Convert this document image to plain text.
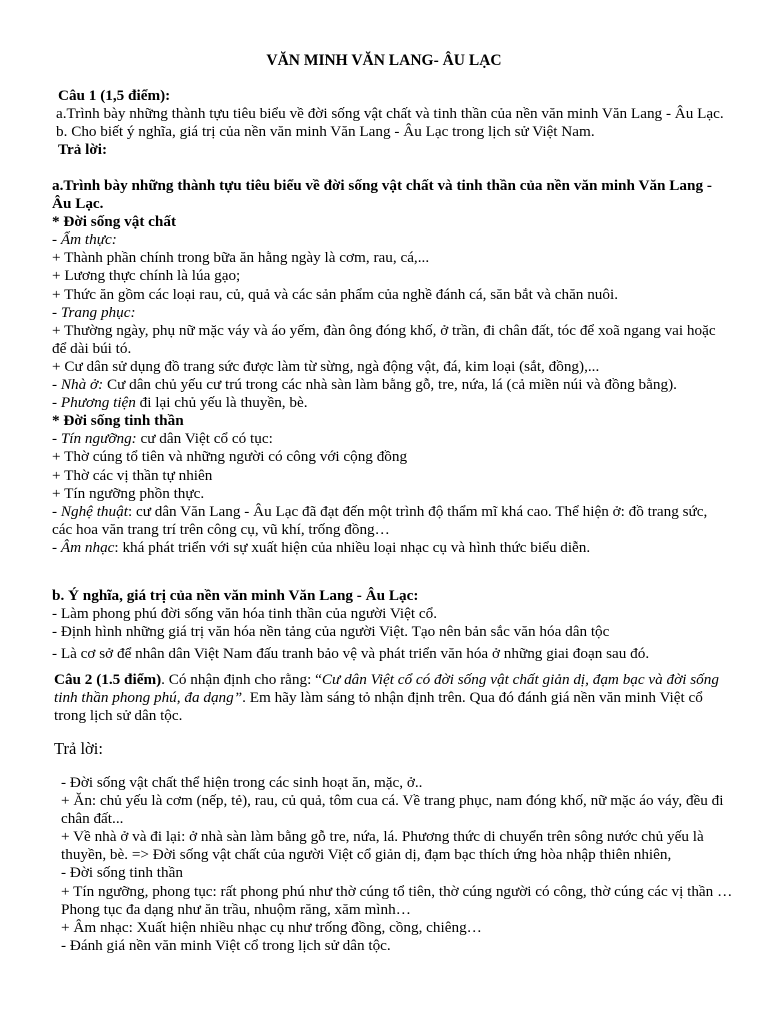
VĂN MINH VĂN LANG- ÂU LẠC

Câu 1 (1,5 điểm):

a.Trình bày những thành tựu tiêu biểu về đời sống vật chất và tinh thần của nền văn minh Văn Lang - Âu Lạc.

b. Cho biết ý nghĩa, giá trị của nền văn minh Văn Lang - Âu Lạc trong lịch sử Việt Nam.

Trả lời:

a.Trình bày những thành tựu tiêu biểu về đời sống vật chất và tinh thần của nền văn minh Văn Lang - Âu Lạc.

* Đời sống vật chất

- Ẩm thực:

+ Thành phần chính trong bữa ăn hằng ngày là cơm, rau, cá,...

+ Lương thực chính là lúa gạo;

+ Thức ăn gồm các loại rau, củ, quả và các sản phẩm của nghề đánh cá, săn bắt và chăn nuôi.

- Trang phục:

+ Thường ngày, phụ nữ mặc váy và áo yếm, đàn ông đóng khố, ở trần, đi chân đất, tóc để xoã ngang vai hoặc để dài búi tó.

+ Cư dân sử dụng đồ trang sức được làm từ sừng, ngà động vật, đá, kim loại (sắt, đồng),...

- Nhà ở: Cư dân chủ yếu cư trú trong các nhà sàn làm bằng gỗ, tre, nứa, lá (cả miền núi và đồng bằng).

- Phương tiện đi lại chủ yếu là thuyền, bè.

* Đời sống tinh thần

- Tín ngưỡng: cư dân Việt cổ có tục:

+ Thờ cúng tổ tiên và những người có công với cộng đồng

+ Thờ các vị thần tự nhiên

+ Tín ngưỡng phồn thực.

- Nghệ thuật: cư dân Văn Lang - Âu Lạc đã đạt đến một trình độ thẩm mĩ khá cao. Thể hiện ở: đồ trang sức, các hoa văn trang trí trên công cụ, vũ khí, trống đồng…

- Âm nhạc: khá phát triển với sự xuất hiện của nhiều loại nhạc cụ và hình thức biểu diễn.

b. Ý nghĩa, giá trị của nền văn minh Văn Lang - Âu Lạc:

- Làm phong phú đời sống văn hóa tinh thần của người Việt cổ.

- Định hình những giá trị văn hóa nền tảng của người Việt. Tạo nên bản sắc văn hóa dân tộc

- Là cơ sở để nhân dân Việt Nam đấu tranh bảo vệ và phát triển văn hóa ở những giai đoạn sau đó.

Câu 2 (1.5 điểm). Có nhận định cho rằng: “Cư dân Việt cổ có đời sống vật chất giản dị, đạm bạc và đời sống tinh thần phong phú, đa dạng”. Em hãy làm sáng tỏ nhận định trên. Qua đó đánh giá nền văn minh Việt cổ trong lịch sử dân tộc.

Trả lời:

- Đời sống vật chất thể hiện trong các sinh hoạt ăn, mặc, ở..

+ Ăn: chủ yếu là cơm (nếp, tẻ), rau, củ quả, tôm cua cá. Về trang phục, nam đóng khố, nữ mặc áo váy, đều đi chân đất...

+ Về nhà ở và đi lại: ở nhà sàn làm bằng gỗ tre, nứa, lá. Phương thức di chuyển trên sông nước chủ yếu là thuyền, bè. => Đời sống vật chất của người Việt cổ giản dị, đạm bạc thích ứng hòa nhập thiên nhiên,

- Đời sống tinh thần

+ Tín ngưỡng, phong tục: rất phong phú như thờ cúng tổ tiên, thờ cúng người có công, thờ cúng các vị thần …Phong tục đa dạng như ăn trầu, nhuộm răng, xăm mình…

+ Âm nhạc: Xuất hiện nhiều nhạc cụ như trống đồng, cồng, chiêng…

- Đánh giá nền văn minh Việt cổ trong lịch sử dân tộc.
